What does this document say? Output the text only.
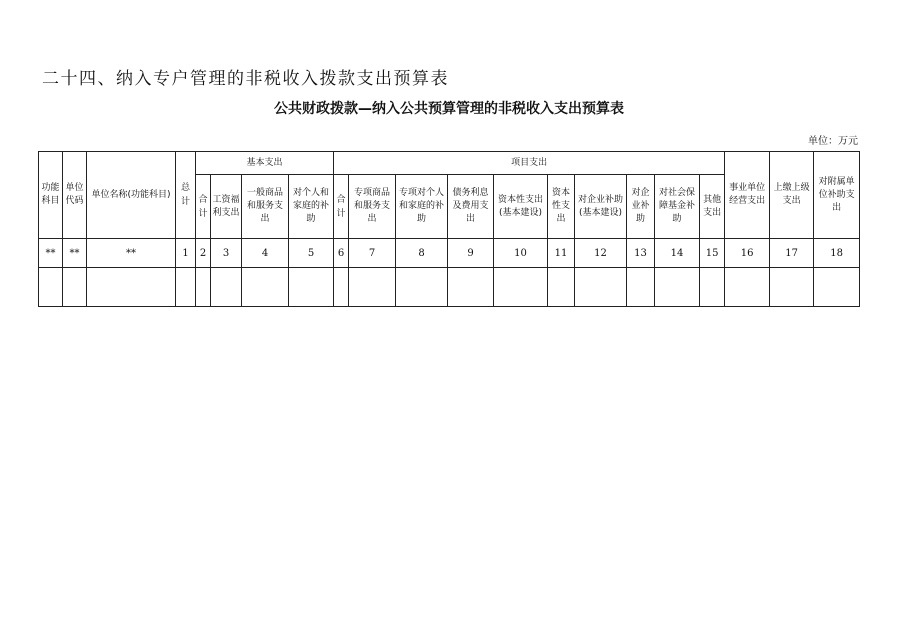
二十四、纳入专户管理的非税收入拨款支出预算表
公共财政拨款—纳入公共预算管理的非税收入支出预算表
单位：万元
功能科目	单位代码	单位名称(功能科目)	总计	基本支出				项目支出										事业单位经营支出	上缴上级支出	对附属单位补助支出
				合计	工资福利支出	一般商品和服务支出	对个人和家庭的补助	合计	专项商品和服务支出	专项对个人和家庭的补助	债务利息及费用支出	资本性支出(基本建设)	资本性支出	对企业补助(基本建设)	对企业补助	对社会保障基金补助	其他支出			
**	**	**	1	2	3	4	5	6	7	8	9	10	11	12	13	14	15	16	17	18
